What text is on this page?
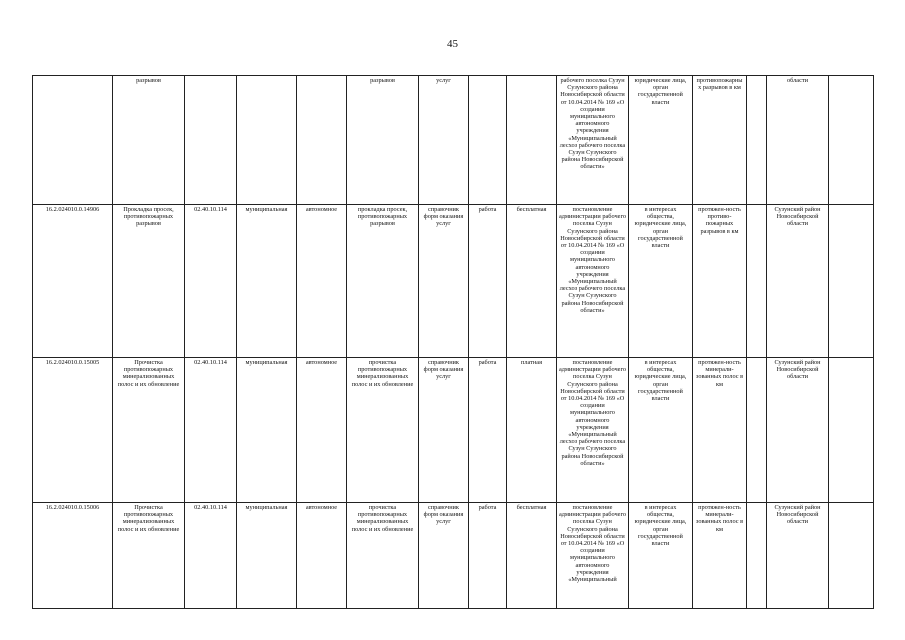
45
	разрывов				разрывов	услуг			рабочего поселка Сузун Сузунского района Новосибирской области от 10.04.2014 № 169 «О создании муниципального автономного учреждения «Муниципальный лесхоз рабочего поселка Сузун Сузунского района Новосибирской области»	юридические лица, орган государственной власти	противопожарных разрывов в км		области	
16.2.024010.0.14906	Прокладка просек, противопожарных разрывов	02.40.10.114	муниципальная	автономное	прокладка просек, противопожарных разрывов	справочник форм оказания услуг	работа	бесплатная	постановление администрации рабочего поселка Сузун Сузунского района Новосибирской области от 10.04.2014 № 169 «О создании муниципального автономного учреждения «Муниципальный лесхоз рабочего поселка Сузун Сузунского района Новосибирской области»	в интересах общества, юридические лица, орган государственной власти	протяжен-ность противо-пожарных разрывов в км		Сузунский район Новосибирской области	
16.2.024010.0.15005	Прочистка противопожарных минерализованных полос и их обновление	02.40.10.114	муниципальная	автономное	прочистка противопожарных минерализованных полос и их обновление	справочник форм оказания услуг	работа	платная	постановление администрации рабочего поселка Сузун Сузунского района Новосибирской области от 10.04.2014 № 169 «О создании муниципального автономного учреждения «Муниципальный лесхоз рабочего поселка Сузун Сузунского района Новосибирской области»	в интересах общества, юридические лица, орган государственной власти	протяжен-ность минерали-зованных полос в км		Сузунский район Новосибирской области	
16.2.024010.0.15006	Прочистка противопожарных минерализованных полос и их обновление	02.40.10.114	муниципальная	автономное	прочистка противопожарных минерализованных полос и их обновление	справочник форм оказания услуг	работа	бесплатная	постановление администрации рабочего поселка Сузун Сузунского района Новосибирской области от 10.04.2014 № 169 «О создании муниципального автономного учреждения «Муниципальный	в интересах общества, юридические лица, орган государственной власти	протяжен-ность минерали-зованных полос в км		Сузунский район Новосибирской области	
